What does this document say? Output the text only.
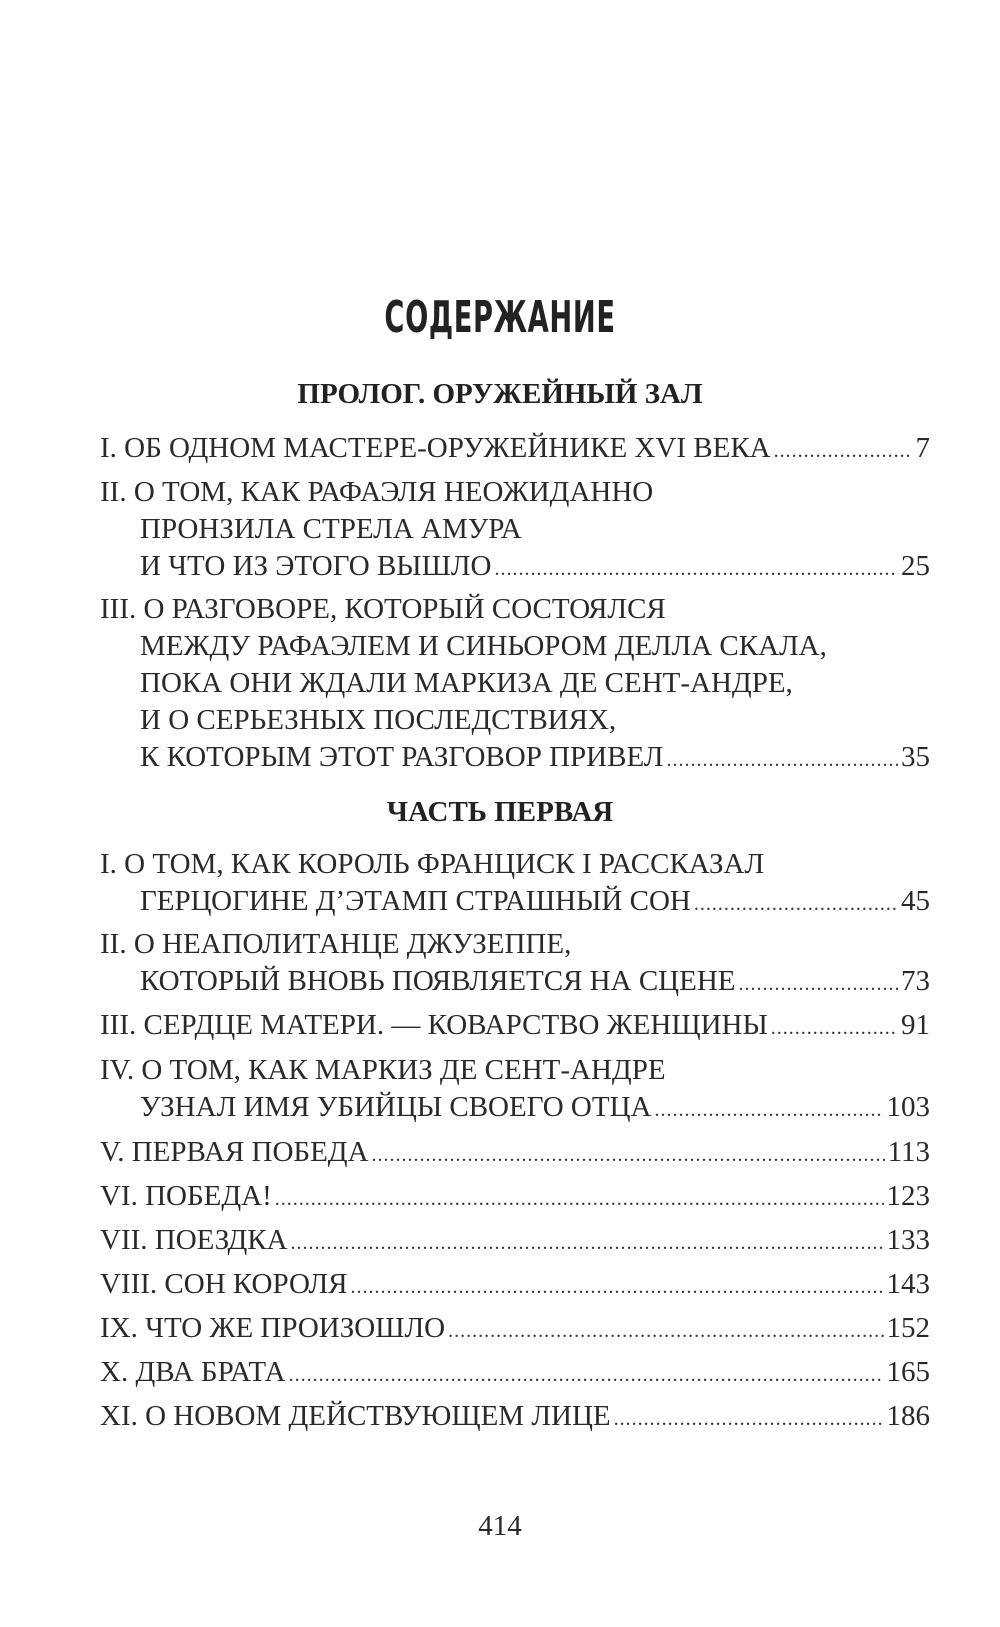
СОДЕРЖАНИЕ
ПРОЛОГ. ОРУЖЕЙНЫЙ ЗАЛ
I. ОБ ОДНОМ МАСТЕРЕ-ОРУЖЕЙНИКЕ XVI ВЕКА .....	7
II. О ТОМ, КАК РАФАЭЛЯ НЕОЖИДАННО
ПРОНЗИЛА СТРЕЛА АМУРА
И ЧТО ИЗ ЭТОГО ВЫШЛО .....	25
III. О РАЗГОВОРЕ, КОТОРЫЙ СОСТОЯЛСЯ
МЕЖДУ РАФАЭЛЕМ И СИНЬОРОМ ДЕЛЛА СКАЛА,
ПОКА ОНИ ЖДАЛИ МАРКИЗА ДЕ СЕНТ-АНДРЕ,
И О СЕРЬЕЗНЫХ ПОСЛЕДСТВИЯХ,
К КОТОРЫМ ЭТОТ РАЗГОВОР ПРИВЕЛ .....	35
ЧАСТЬ ПЕРВАЯ
I. О ТОМ, КАК КОРОЛЬ ФРАНЦИСК I РАССКАЗАЛ
ГЕРЦОГИНЕ Д’ЭТАМП СТРАШНЫЙ СОН .....	45
II. О НЕАПОЛИТАНЦЕ ДЖУЗЕППЕ,
КОТОРЫЙ ВНОВЬ ПОЯВЛЯЕТСЯ НА СЦЕНЕ .....	73
III. СЕРДЦЕ МАТЕРИ. — КОВАРСТВО ЖЕНЩИНЫ .....	91
IV. О ТОМ, КАК МАРКИЗ ДЕ СЕНТ-АНДРЕ
УЗНАЛ ИМЯ УБИЙЦЫ СВОЕГО ОТЦА .....	103
V. ПЕРВАЯ ПОБЕДА .....	113
VI. ПОБЕДА! .....	123
VII. ПОЕЗДКА .....	133
VIII. СОН КОРОЛЯ .....	143
IX. ЧТО ЖЕ ПРОИЗОШЛО .....	152
X. ДВА БРАТА .....	165
XI. О НОВОМ ДЕЙСТВУЮЩЕМ ЛИЦЕ .....	186
414
